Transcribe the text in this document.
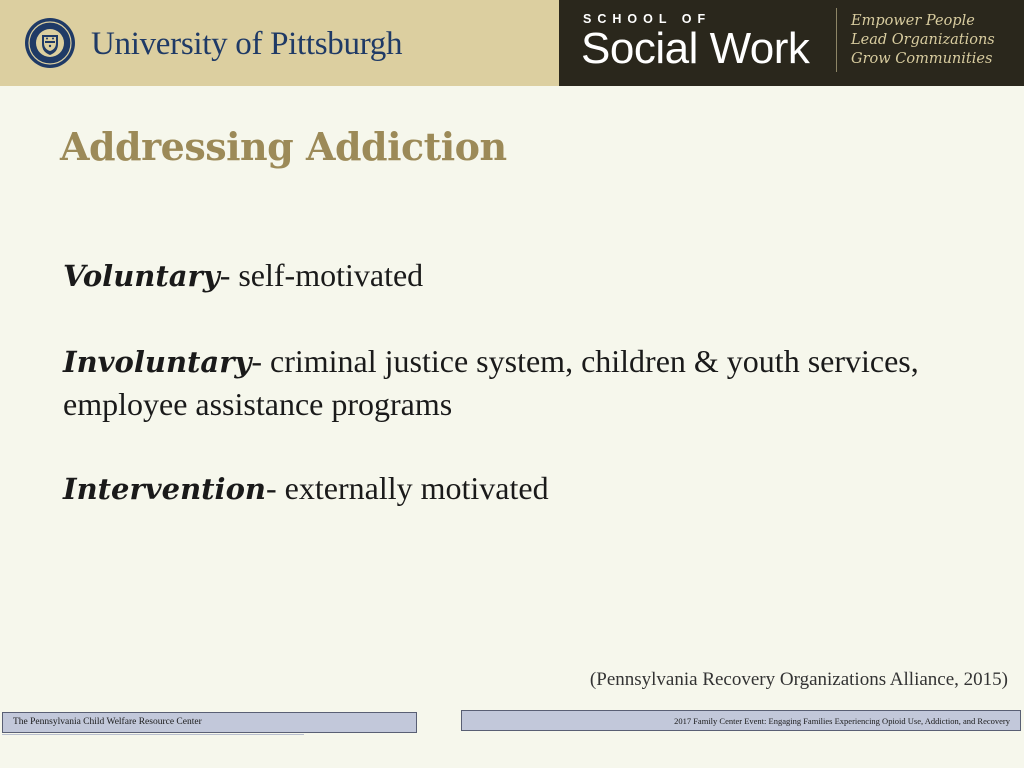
University of Pittsburgh
SCHOOL OF
Social Work
Empower People
Lead Organizations
Grow Communities
Addressing Addiction

Voluntary- self-motivated

Involuntary- criminal justice system, children & youth services, employee assistance programs

Intervention- externally motivated

(Pennsylvania Recovery Organizations Alliance, 2015)
The Pennsylvania Child Welfare Resource Center	2017 Family Center Event: Engaging Families Experiencing Opioid Use, Addiction, and Recovery
